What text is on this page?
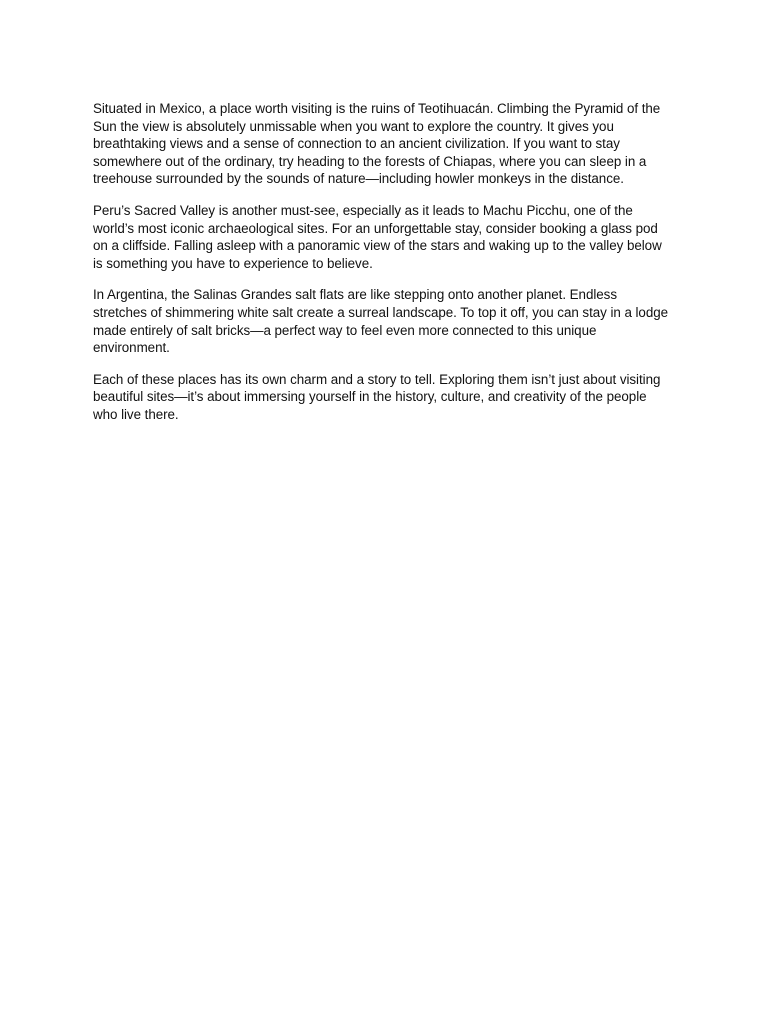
Situated in Mexico, a place worth visiting is the ruins of Teotihuacán. Climbing the Pyramid of the Sun the view is absolutely unmissable when you want to explore the country. It gives you breathtaking views and a sense of connection to an ancient civilization. If you want to stay somewhere out of the ordinary, try heading to the forests of Chiapas, where you can sleep in a treehouse surrounded by the sounds of nature—including howler monkeys in the distance.

Peru’s Sacred Valley is another must-see, especially as it leads to Machu Picchu, one of the world’s most iconic archaeological sites. For an unforgettable stay, consider booking a glass pod on a cliffside. Falling asleep with a panoramic view of the stars and waking up to the valley below is something you have to experience to believe.

In Argentina, the Salinas Grandes salt flats are like stepping onto another planet. Endless stretches of shimmering white salt create a surreal landscape. To top it off, you can stay in a lodge made entirely of salt bricks—a perfect way to feel even more connected to this unique environment.

Each of these places has its own charm and a story to tell. Exploring them isn’t just about visiting beautiful sites—it’s about immersing yourself in the history, culture, and creativity of the people who live there.
